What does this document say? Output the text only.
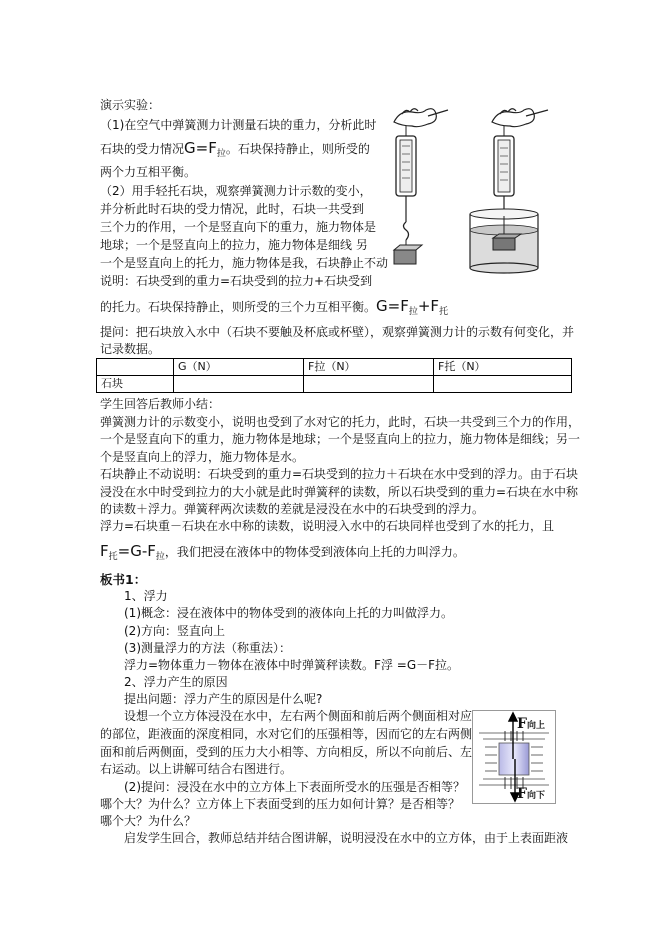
演示实验：
（1)在空气中弹簧测力计测量石块的重力，分析此时
石块的受力情况$G=F_拉$。石块保持静止，则所受的
两个力互相平衡。
（2）用手轻托石块，观察弹簧测力计示数的变小，
并分析此时石块的受力情况，此时，石块一共受到
三个力的作用，一个是竖直向下的重力，施力物体是
地球；一个是竖直向上的拉力，施力物体是细线 另
一个是竖直向上的托力，施力物体是我，石块静止不动
说明：石块受到的重力=石块受到的拉力+石块受到
的托力。石块保持静止，则所受的三个力互相平衡。$G=F_拉+F_托$
提问：把石块放入水中（石块不要触及杯底或杯壁），观察弹簧测力计的示数有何变化，并
记录数据。
	G（N）	F拉（N）	F托（N）
石块			
学生回答后教师小结：
弹簧测力计的示数变小，说明也受到了水对它的托力，此时，石块一共受到三个力的作用，
一个是竖直向下的重力，施力物体是地球；一个是竖直向上的拉力，施力物体是细线；另一
个是竖直向上的浮力，施力物体是水。
石块静止不动说明：石块受到的重力=石块受到的拉力＋石块在水中受到的浮力。由于石块
浸没在水中时受到拉力的大小就是此时弹簧秤的读数，所以石块受到的重力=石块在水中称
的读数＋浮力。弹簧秤两次读数的差就是浸没在水中的石块受到的浮力。
浮力=石块重－石块在水中称的读数，说明浸入水中的石块同样也受到了水的托力，且
$F_托=G-F_拉$，我们把浸在液体中的物体受到液体向上托的力叫浮力。
板书1：
1、浮力
(1)概念：浸在液体中的物体受到的液体向上托的力叫做浮力。
(2)方向：竖直向上
(3)测量浮力的方法（称重法）：
浮力=物体重力－物体在液体中时弹簧秤读数。F浮 =G－F拉。
2、浮力产生的原因
提出问题：浮力产生的原因是什么呢?
设想一个立方体浸没在水中，左右两个侧面和前后两个侧面相对应
的部位，距液面的深度相同，水对它们的压强相等，因而它的左右两侧
面和前后两侧面，受到的压力大小相等、方向相反，所以不向前后、左
右运动。以上讲解可结合右图进行。
(2)提问：浸没在水中的立方体上下表面所受水的压强是否相等？
哪个大？为什么？立方体上下表面受到的压力如何计算？是否相等？
哪个大？为什么？
启发学生回合，教师总结并结合图讲解，说明浸没在水中的立方体，由于上表面距液
F向上
F向下
